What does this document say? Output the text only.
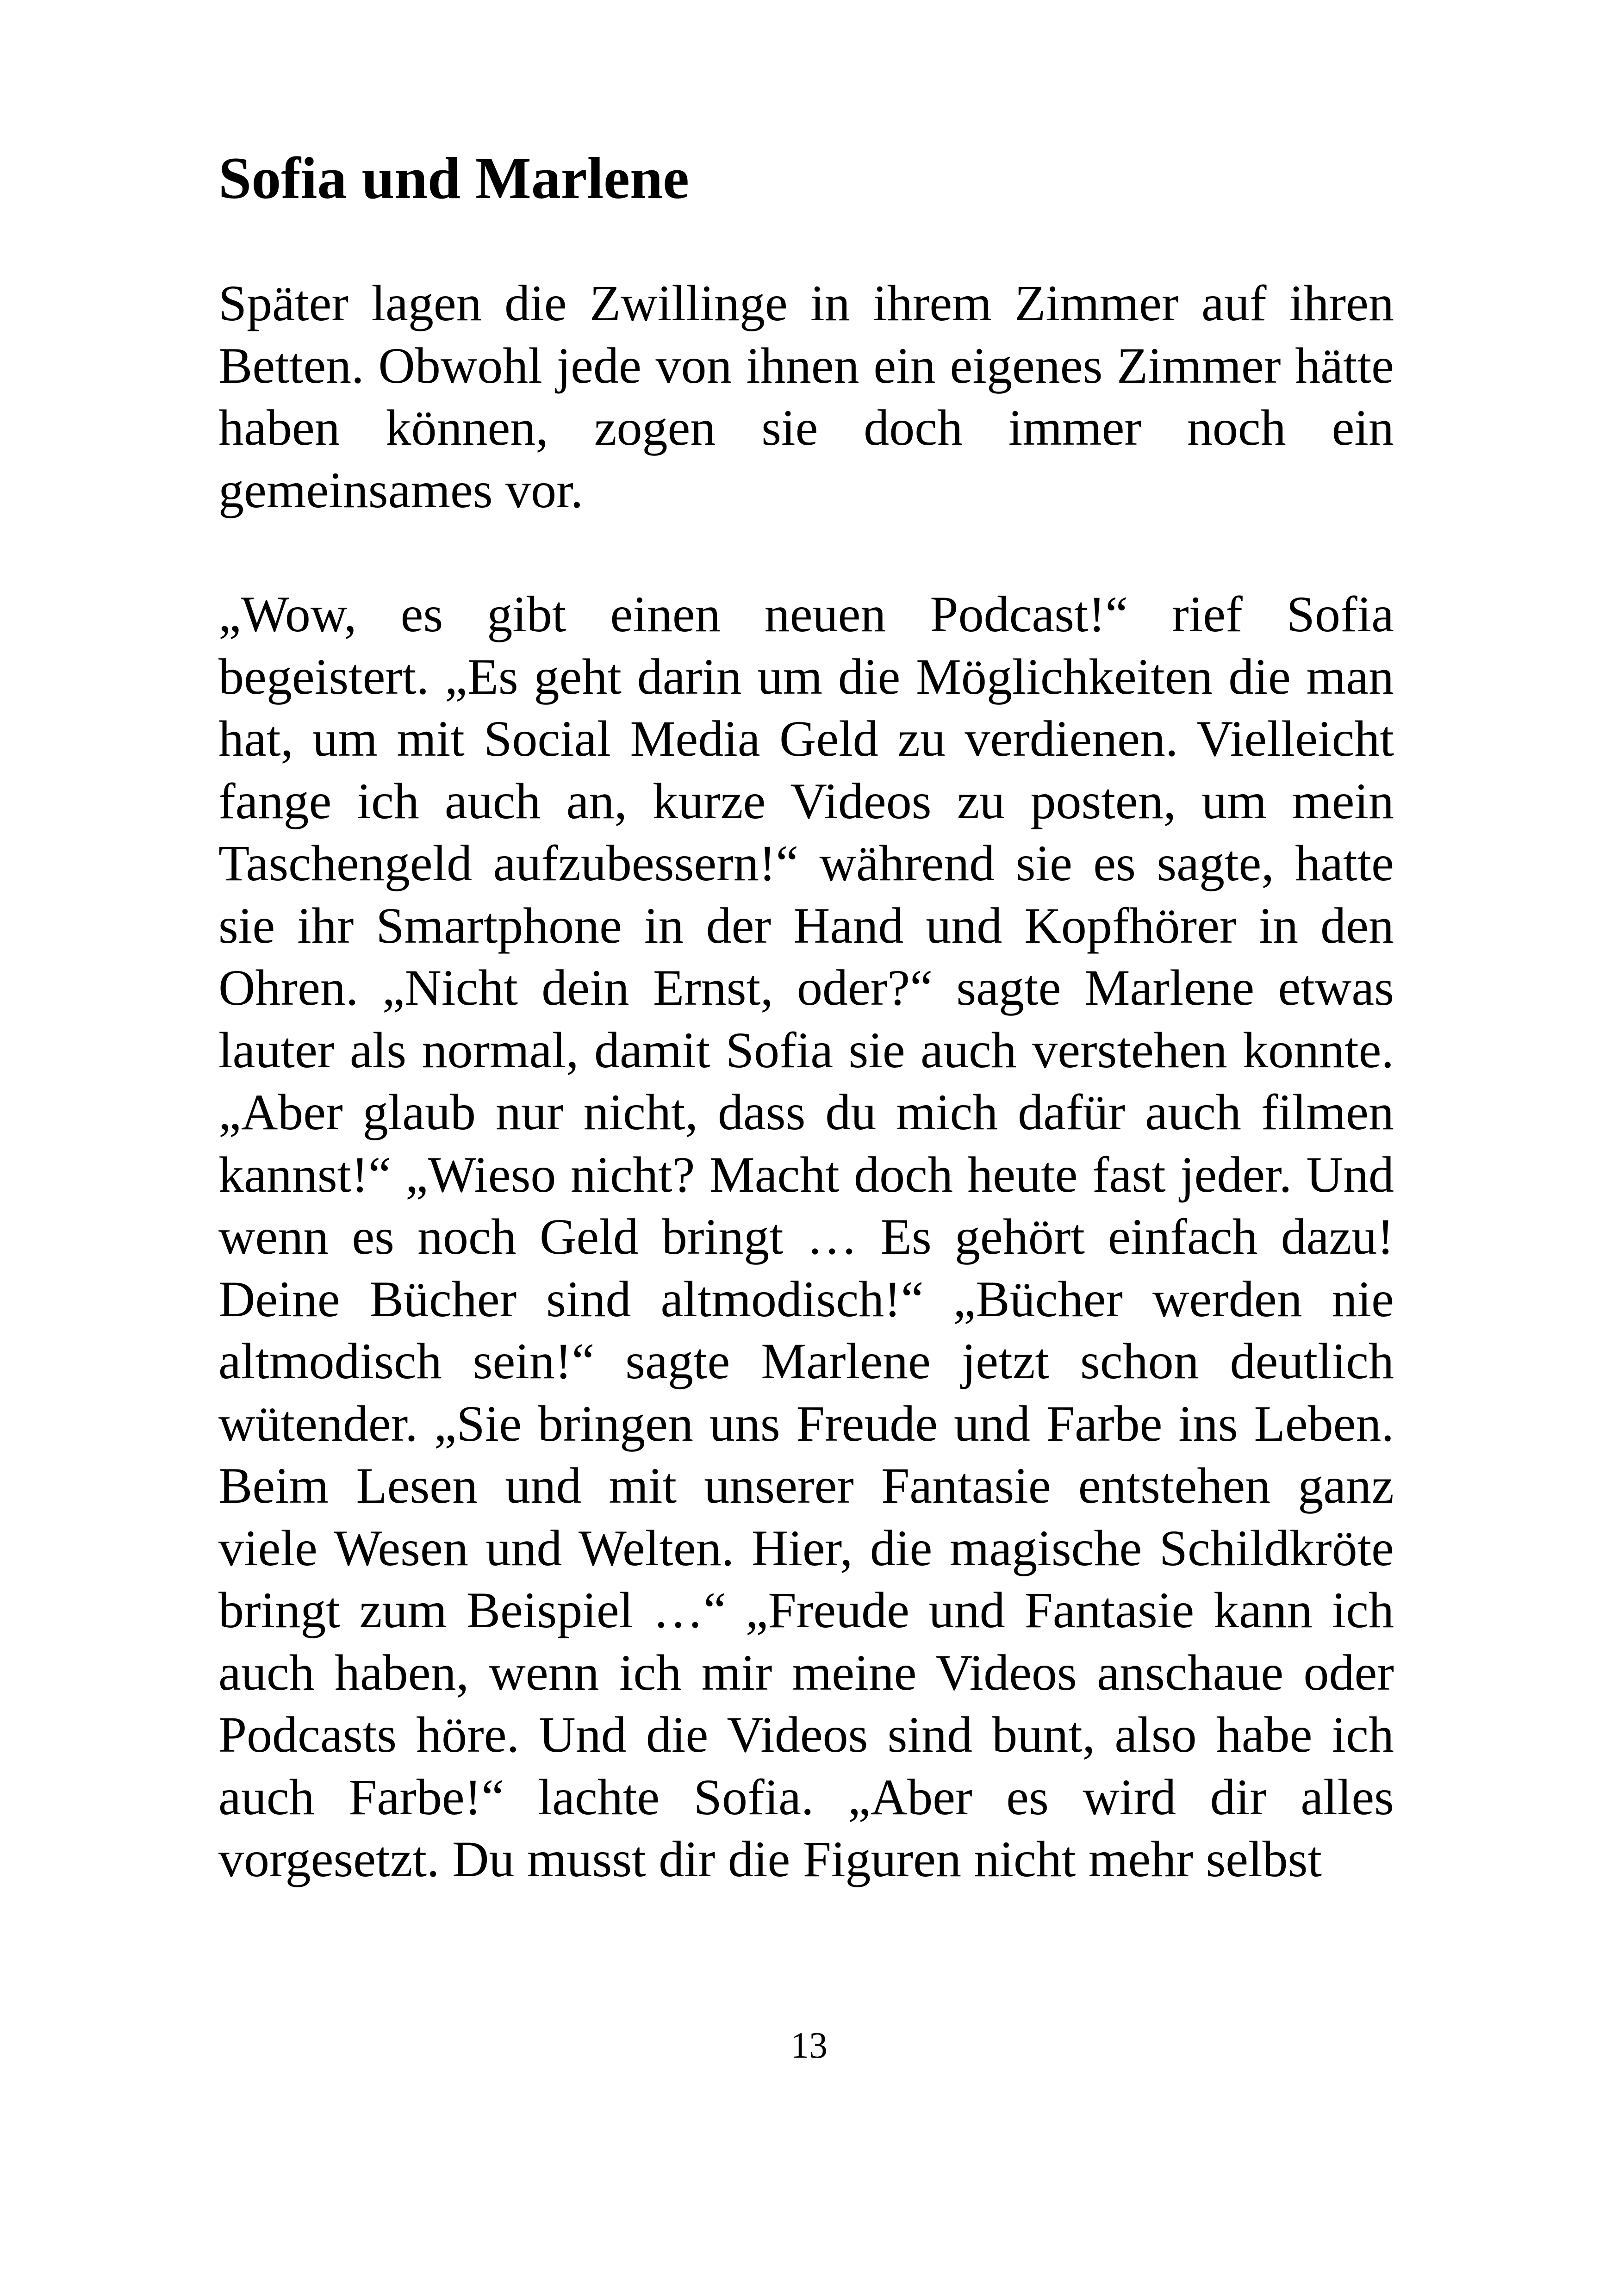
Sofia und Marlene

Später lagen die Zwillinge in ihrem Zimmer auf ihren Betten. Obwohl jede von ihnen ein eigenes Zimmer hätte haben können, zogen sie doch immer noch ein gemeinsames vor.

„Wow, es gibt einen neuen Podcast!“ rief Sofia begeistert. „Es geht darin um die Möglichkeiten die man hat, um mit Social Media Geld zu verdienen. Vielleicht fange ich auch an, kurze Videos zu posten, um mein Taschengeld aufzubessern!“ während sie es sagte, hatte sie ihr Smartphone in der Hand und Kopfhörer in den Ohren. „Nicht dein Ernst, oder?“ sagte Marlene etwas lauter als normal, damit Sofia sie auch verstehen konnte. „Aber glaub nur nicht, dass du mich dafür auch filmen kannst!“ „Wieso nicht? Macht doch heute fast jeder. Und wenn es noch Geld bringt … Es gehört einfach dazu! Deine Bücher sind altmodisch!“ „Bücher werden nie altmodisch sein!“ sagte Marlene jetzt schon deutlich wütender. „Sie bringen uns Freude und Farbe ins Leben. Beim Lesen und mit unserer Fantasie entstehen ganz viele Wesen und Welten. Hier, die magische Schildkröte bringt zum Beispiel …“ „Freude und Fantasie kann ich auch haben, wenn ich mir meine Videos anschaue oder Podcasts höre. Und die Videos sind bunt, also habe ich auch Farbe!“ lachte Sofia. „Aber es wird dir alles vorgesetzt. Du musst dir die Figuren nicht mehr selbst

13
